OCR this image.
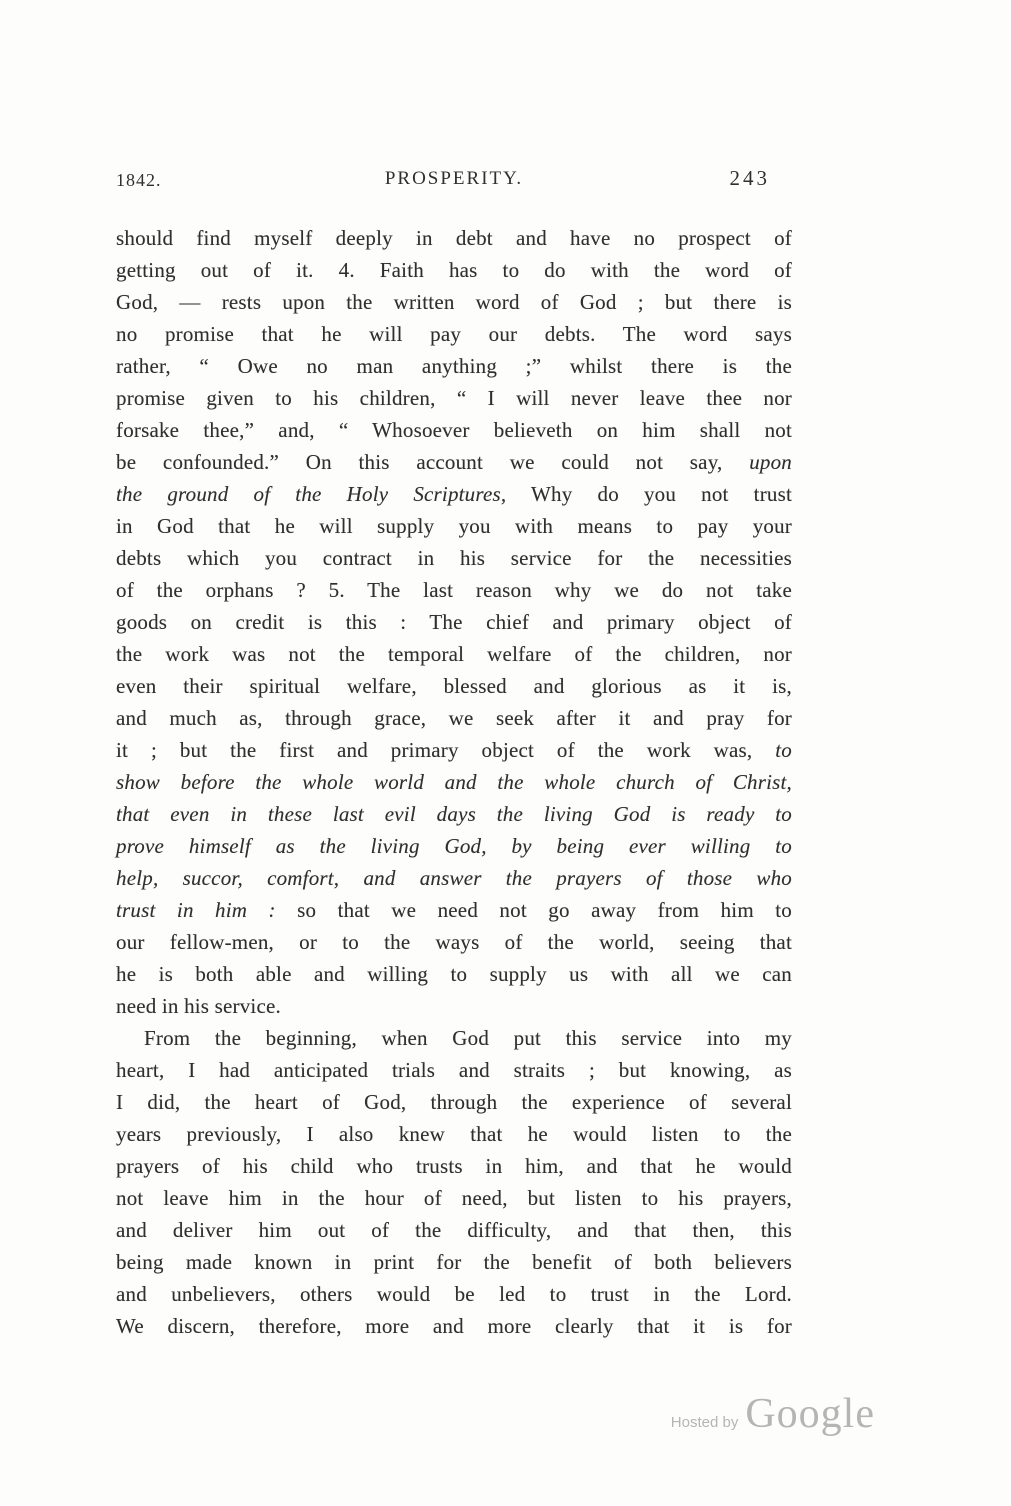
1842.	PROSPERITY.	243
should find myself deeply in debt and have no prospect of
getting out of it. 4. Faith has to do with the word of
God, — rests upon the written word of God ; but there is
no promise that he will pay our debts. The word says
rather, “ Owe no man anything ;” whilst there is the
promise given to his children, “ I will never leave thee nor
forsake thee,” and, “ Whosoever believeth on him shall not
be confounded.” On this account we could not say, upon
the ground of the Holy Scriptures, Why do you not trust
in God that he will supply you with means to pay your
debts which you contract in his service for the necessities
of the orphans ? 5. The last reason why we do not take
goods on credit is this : The chief and primary object of
the work was not the temporal welfare of the children, nor
even their spiritual welfare, blessed and glorious as it is,
and much as, through grace, we seek after it and pray for
it ; but the first and primary object of the work was, to
show before the whole world and the whole church of Christ,
that even in these last evil days the living God is ready to
prove himself as the living God, by being ever willing to
help, succor, comfort, and answer the prayers of those who
trust in him : so that we need not go away from him to
our fellow-men, or to the ways of the world, seeing that
he is both able and willing to supply us with all we can
need in his service.
From the beginning, when God put this service into my
heart, I had anticipated trials and straits ; but knowing, as
I did, the heart of God, through the experience of several
years previously, I also knew that he would listen to the
prayers of his child who trusts in him, and that he would
not leave him in the hour of need, but listen to his prayers,
and deliver him out of the difficulty, and that then, this
being made known in print for the benefit of both believers
and unbelievers, others would be led to trust in the Lord.
We discern, therefore, more and more clearly that it is for
Hosted by Google
